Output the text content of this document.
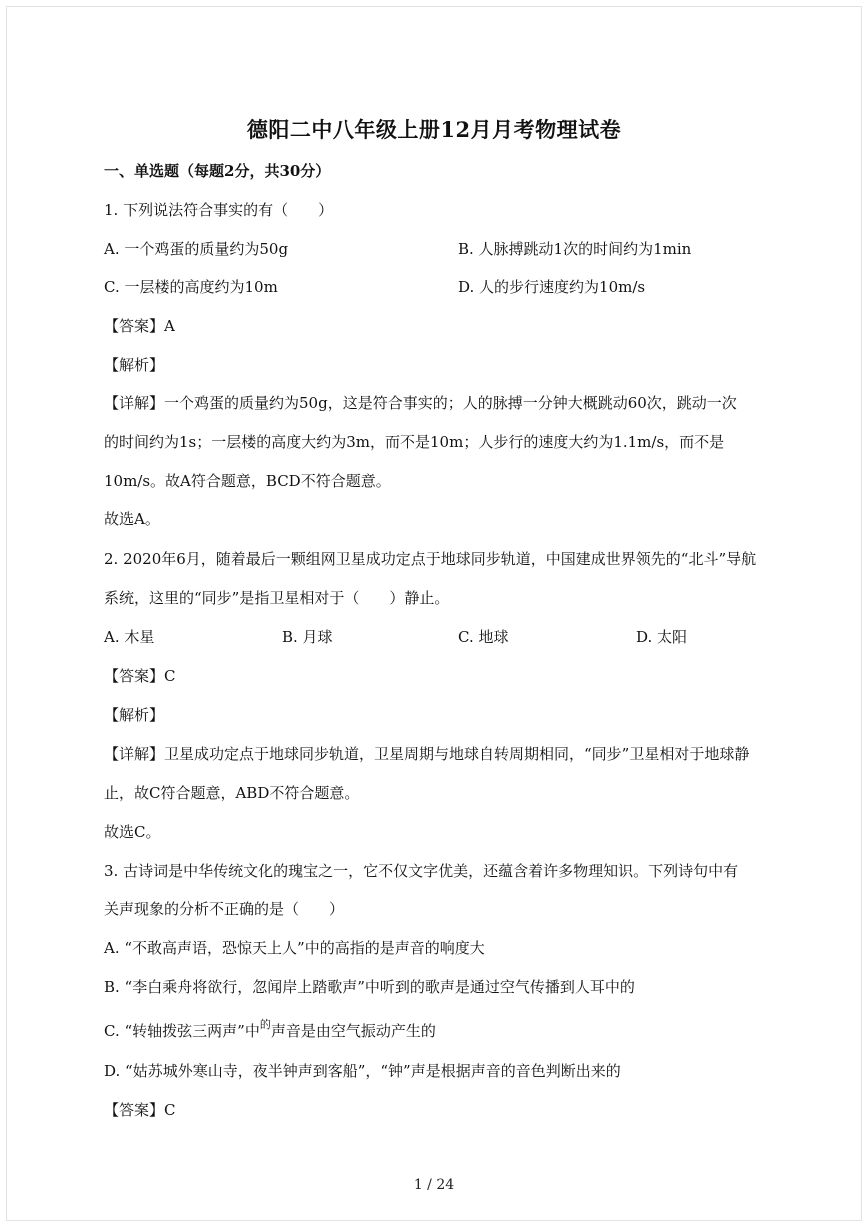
德阳二中八年级上册12月月考物理试卷
一、单选题（每题2分，共30分）
1. 下列说法符合事实的有（　　）
A. 一个鸡蛋的质量约为50g	B. 人脉搏跳动1次的时间约为1min
C. 一层楼的高度约为10m	D. 人的步行速度约为10m/s
【答案】A
【解析】
【详解】一个鸡蛋的质量约为50g，这是符合事实的；人的脉搏一分钟大概跳动60次，跳动一次
的时间约为1s；一层楼的高度大约为3m，而不是10m；人步行的速度大约为1.1m/s，而不是
10m/s。故A符合题意，BCD不符合题意。
故选A。
2. 2020年6月，随着最后一颗组网卫星成功定点于地球同步轨道，中国建成世界领先的“北斗”导航
系统，这里的“同步”是指卫星相对于（　　）静止。
A. 木星	B. 月球	C. 地球	D. 太阳
【答案】C
【解析】
【详解】卫星成功定点于地球同步轨道，卫星周期与地球自转周期相同，“同步”卫星相对于地球静
止，故C符合题意，ABD不符合题意。
故选C。
3. 古诗词是中华传统文化的瑰宝之一，它不仅文字优美，还蕴含着许多物理知识。下列诗句中有
关声现象的分析不正确的是（　　）
A. “不敢高声语，恐惊天上人”中的高指的是声音的响度大
B. “李白乘舟将欲行，忽闻岸上踏歌声”中听到的歌声是通过空气传播到人耳中的
C. “转轴拨弦三两声”中$^的$声音是由空气振动产生的
D. “姑苏城外寒山寺，夜半钟声到客船”，“钟”声是根据声音的音色判断出来的
【答案】C
1 / 24
